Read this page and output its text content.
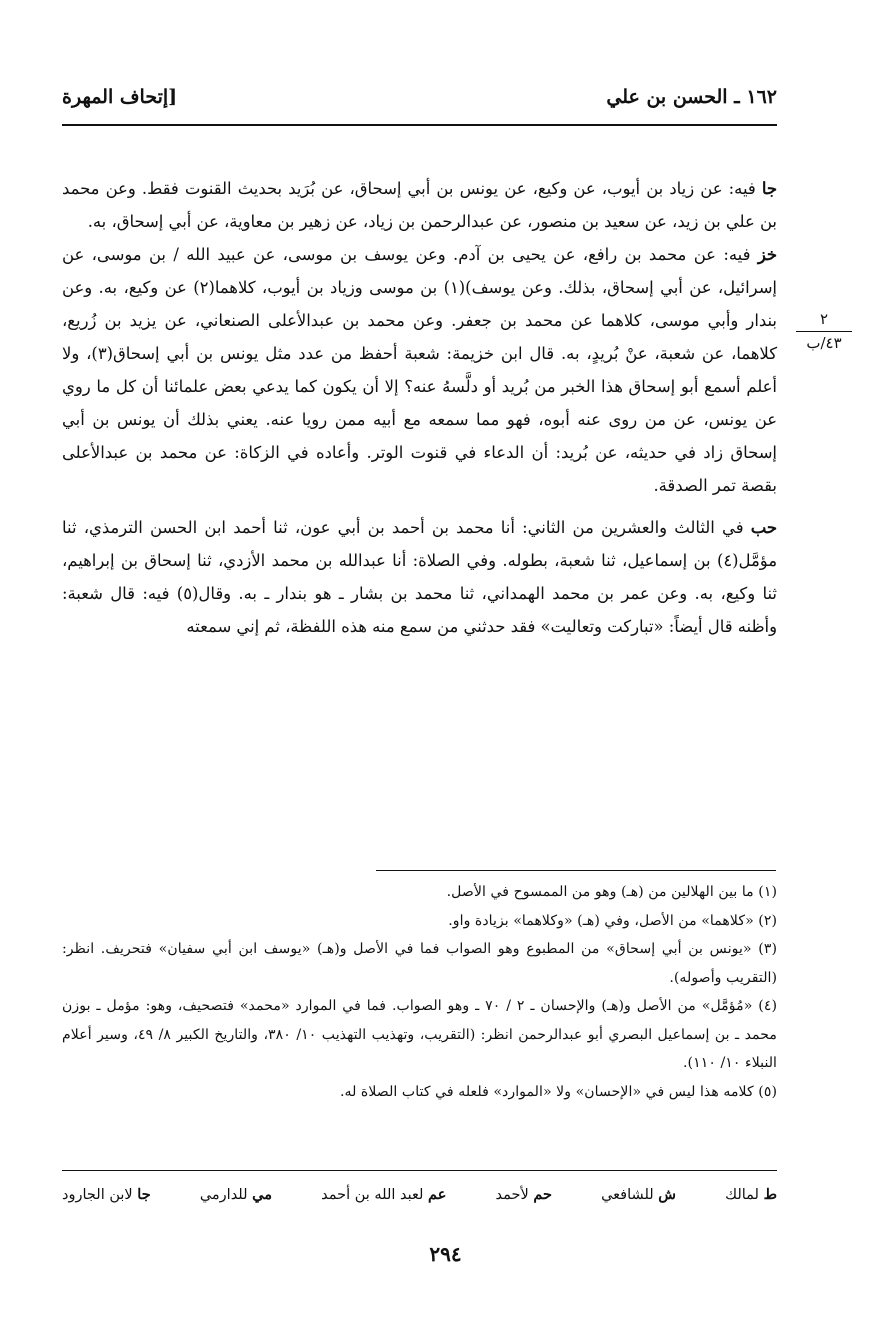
١٦٢ ـ الحسن بن علي
[إتحاف المهرة
٢
٤٣/ب

جا فيه: عن زياد بن أيوب، عن وكيع، عن يونس بن أبي إسحاق، عن بُرَيد بحديث القنوت فقط. وعن محمد بن علي بن زيد، عن سعيد بن منصور، عن عبدالرحمن بن زياد، عن زهير بن معاوية، عن أبي إسحاق، به.

خز فيه: عن محمد بن رافع، عن يحيى بن آدم. وعن يوسف بن موسى، عن عبيد الله / بن موسى، عن إسرائيل، عن أبي إسحاق، بذلك. وعن يوسف)(١) بن موسى وزياد بن أيوب، كلاهما(٢) عن وكيع، به. وعن بندار وأبي موسى، كلاهما عن محمد بن جعفر. وعن محمد بن عبدالأعلى الصنعاني، عن يزيد بن زُريع، كلاهما، عن شعبة، عنْ بُريدٍ، به. قال ابن خزيمة: شعبة أحفظ من عدد مثل يونس بن أبي إسحاق(٣)، ولا أعلم أسمع أبو إسحاق هذا الخبر من بُريد أو دلَّسهُ عنه؟ إلا أن يكون كما يدعي بعض علمائنا أن كل ما روي عن يونس، عن من روى عنه أبوه، فهو مما سمعه مع أبيه ممن رويا عنه. يعني بذلك أن يونس بن أبي إسحاق زاد في حديثه، عن بُريد: أن الدعاء في قنوت الوتر. وأعاده في الزكاة: عن محمد بن عبدالأعلى بقصة تمر الصدقة.

حب في الثالث والعشرين من الثاني: أنا محمد بن أحمد بن أبي عون، ثنا أحمد ابن الحسن الترمذي، ثنا مؤمَّل(٤) بن إسماعيل، ثنا شعبة، بطوله. وفي الصلاة: أنا عبدالله بن محمد الأزدي، ثنا إسحاق بن إبراهيم، ثنا وكيع، به. وعن عمر بن محمد الهمداني، ثنا محمد بن بشار ـ هو بندار ـ به. وقال(٥) فيه: قال شعبة: وأظنه قال أيضاً: «تباركت وتعاليت» فقد حدثني من سمع منه هذه اللفظة، ثم إني سمعته

(١) ما بين الهلالين من (هـ) وهو من الممسوح في الأصل.

(٢) «كلاهما» من الأصل، وفي (هـ) «وكلاهما» بزيادة واو.

(٣) «يونس بن أبي إسحاق» من المطبوع وهو الصواب فما في الأصل و(هـ) «يوسف ابن أبي سفيان» فتحريف. انظر: (التقريب وأصوله).

(٤) «مُؤمَّل» من الأصل و(هـ) والإحسان ـ ٢ / ٧٠ ـ وهو الصواب. فما في الموارد «محمد» فتصحيف، وهو: مؤمل ـ بوزن محمد ـ بن إسماعيل البصري أبو عبدالرحمن انظر: (التقريب، وتهذيب التهذيب ١٠/ ٣٨٠، والتاريخ الكبير ٨/ ٤٩، وسير أعلام النبلاء ١٠/ ١١٠).

(٥) كلامه هذا ليس في «الإحسان» ولا «الموارد» فلعله في كتاب الصلاة له.

ط لمالك
ش للشافعي
حم لأحمد
عم لعبد الله بن أحمد
مي للدارمي
جا لابن الجارود
٢٩٤
